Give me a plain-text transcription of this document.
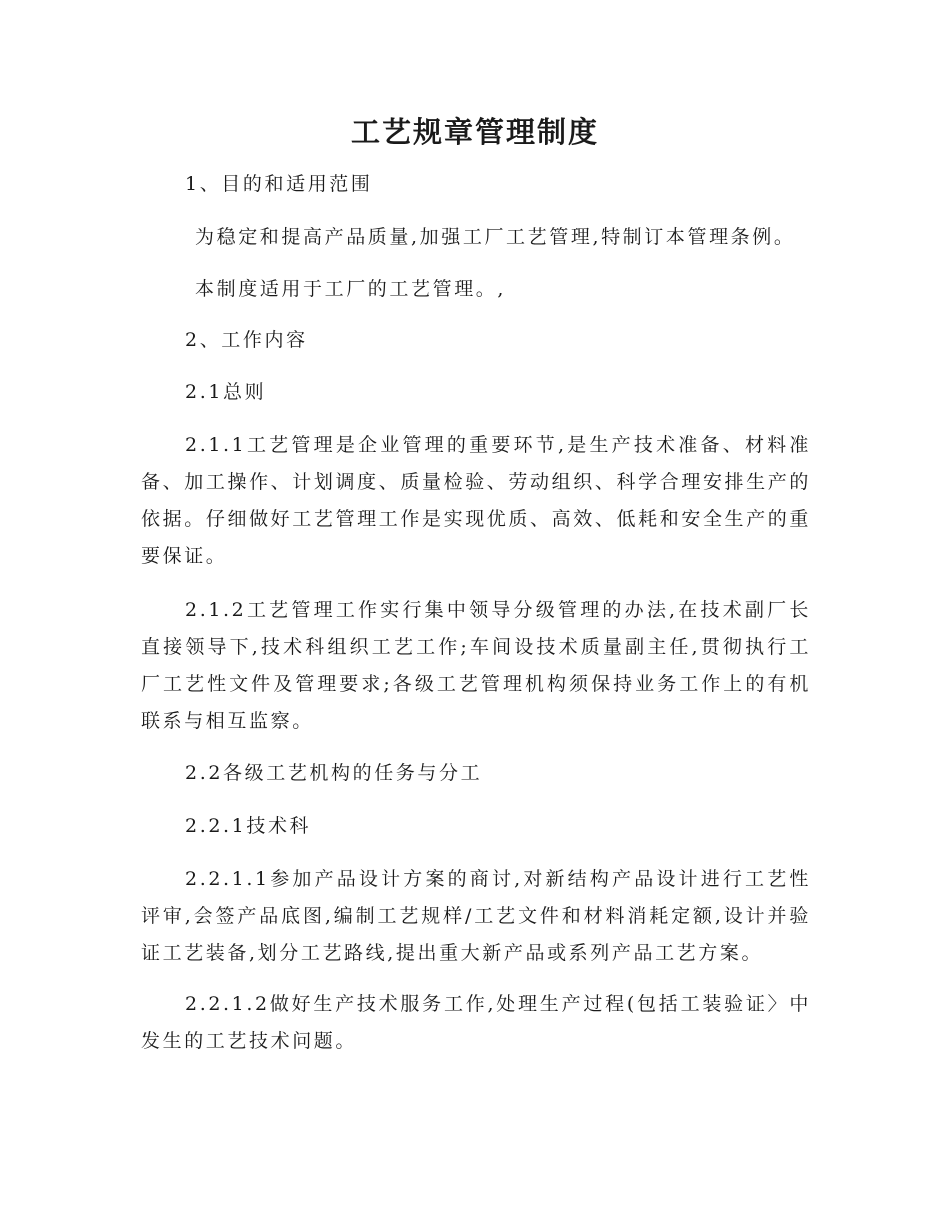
工艺规章管理制度
1、目的和适用范围
为稳定和提高产品质量,加强工厂工艺管理,特制订本管理条例。
本制度适用于工厂的工艺管理。,
2、工作内容
2.1总则
2.1.1工艺管理是企业管理的重要环节,是生产技术准备、材料准备、加工操作、计划调度、质量检验、劳动组织、科学合理安排生产的依据。仔细做好工艺管理工作是实现优质、高效、低耗和安全生产的重要保证。
2.1.2工艺管理工作实行集中领导分级管理的办法,在技术副厂长直接领导下,技术科组织工艺工作;车间设技术质量副主任,贯彻执行工厂工艺性文件及管理要求;各级工艺管理机构须保持业务工作上的有机联系与相互监察。
2.2各级工艺机构的任务与分工
2.2.1技术科
2.2.1.1参加产品设计方案的商讨,对新结构产品设计进行工艺性评审,会签产品底图,编制工艺规样/工艺文件和材料消耗定额,设计并验证工艺装备,划分工艺路线,提出重大新产品或系列产品工艺方案。
2.2.1.2做好生产技术服务工作,处理生产过程(包括工装验证〉中发生的工艺技术问题。
